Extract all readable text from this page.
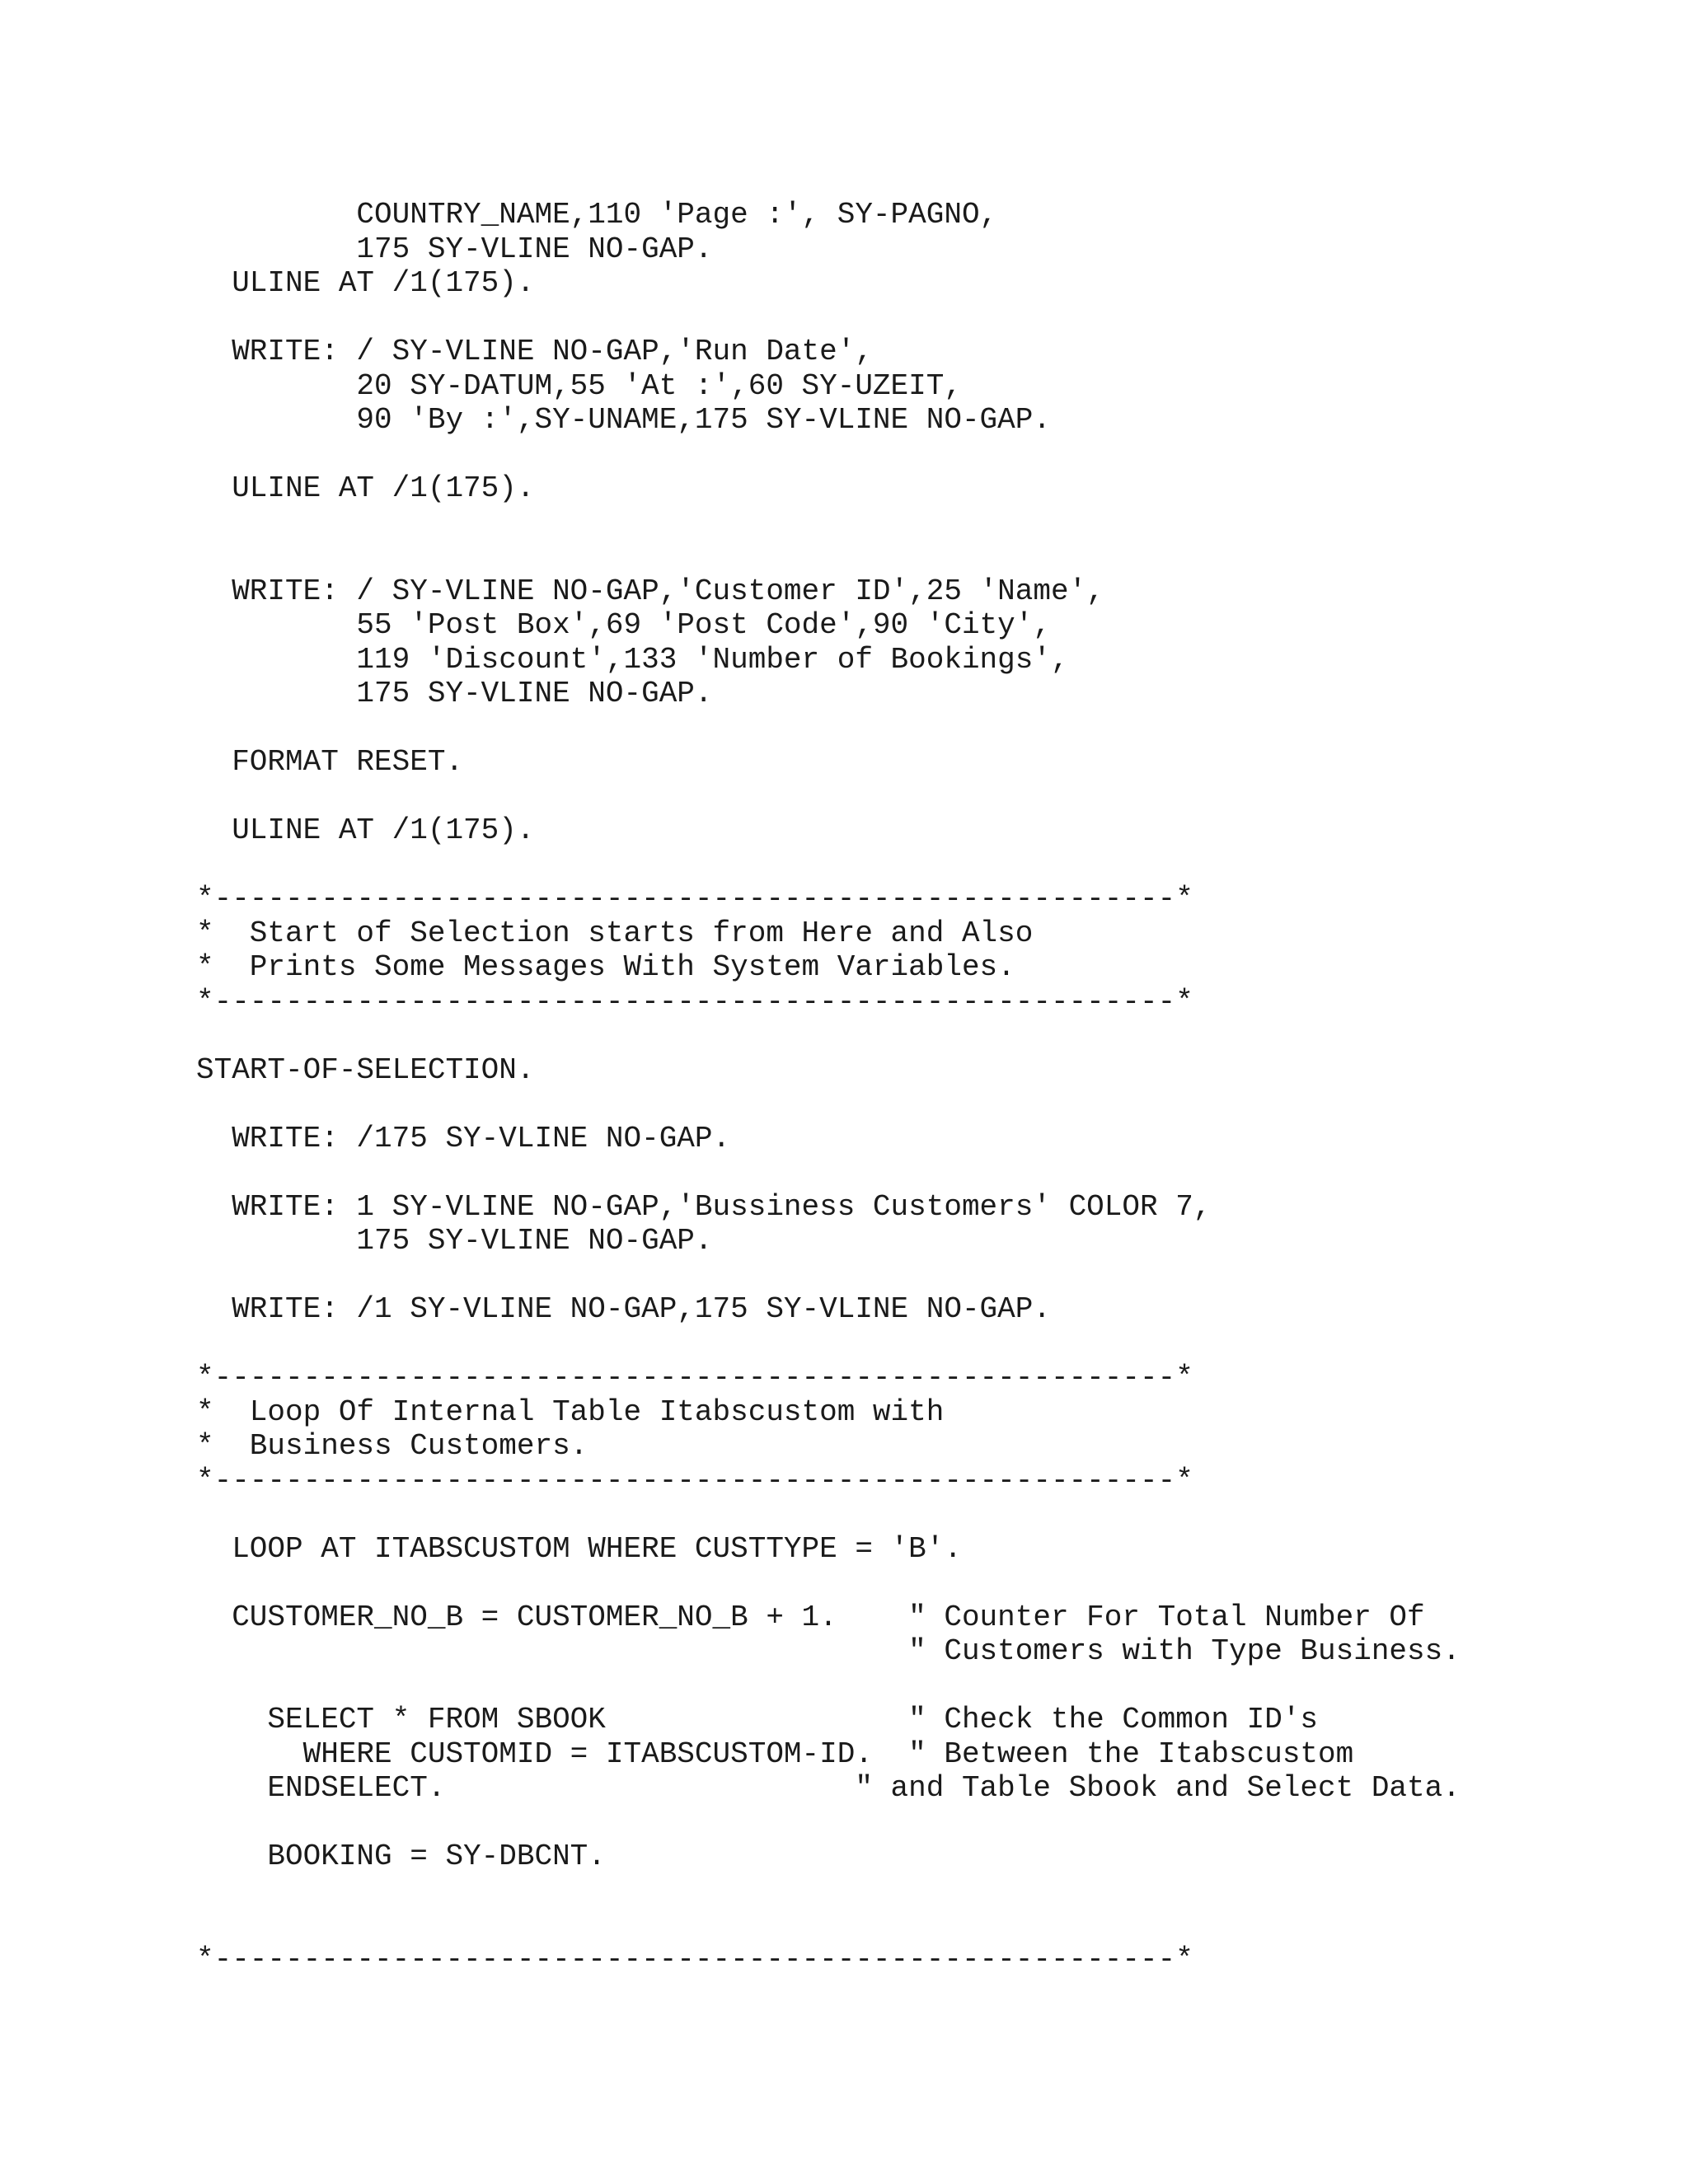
COUNTRY_NAME,110 'Page :', SY-PAGNO,
175 SY-VLINE NO-GAP.
ULINE AT /1(175).
WRITE: / SY-VLINE NO-GAP,'Run Date',
20 SY-DATUM,55 'At :',60 SY-UZEIT,
90 'By :',SY-UNAME,175 SY-VLINE NO-GAP.
ULINE AT /1(175).
WRITE: / SY-VLINE NO-GAP,'Customer ID',25 'Name',
55 'Post Box',69 'Post Code',90 'City',
119 'Discount',133 'Number of Bookings',
175 SY-VLINE NO-GAP.
FORMAT RESET.
ULINE AT /1(175).
*------------------------------------------------------*
*  Start of Selection starts from Here and Also
*  Prints Some Messages With System Variables.
*------------------------------------------------------*
START-OF-SELECTION.
WRITE: /175 SY-VLINE NO-GAP.
WRITE: 1 SY-VLINE NO-GAP,'Bussiness Customers' COLOR 7,
175 SY-VLINE NO-GAP.
WRITE: /1 SY-VLINE NO-GAP,175 SY-VLINE NO-GAP.
*------------------------------------------------------*
*  Loop Of Internal Table Itabscustom with
*  Business Customers.
*------------------------------------------------------*
LOOP AT ITABSCUSTOM WHERE CUSTTYPE = 'B'.
CUSTOMER_NO_B = CUSTOMER_NO_B + 1.    " Counter For Total Number Of
" Customers with Type Business.
SELECT * FROM SBOOK                 " Check the Common ID's
WHERE CUSTOMID = ITABSCUSTOM-ID.  " Between the Itabscustom
ENDSELECT.                       " and Table Sbook and Select Data.
BOOKING = SY-DBCNT.
*------------------------------------------------------*
